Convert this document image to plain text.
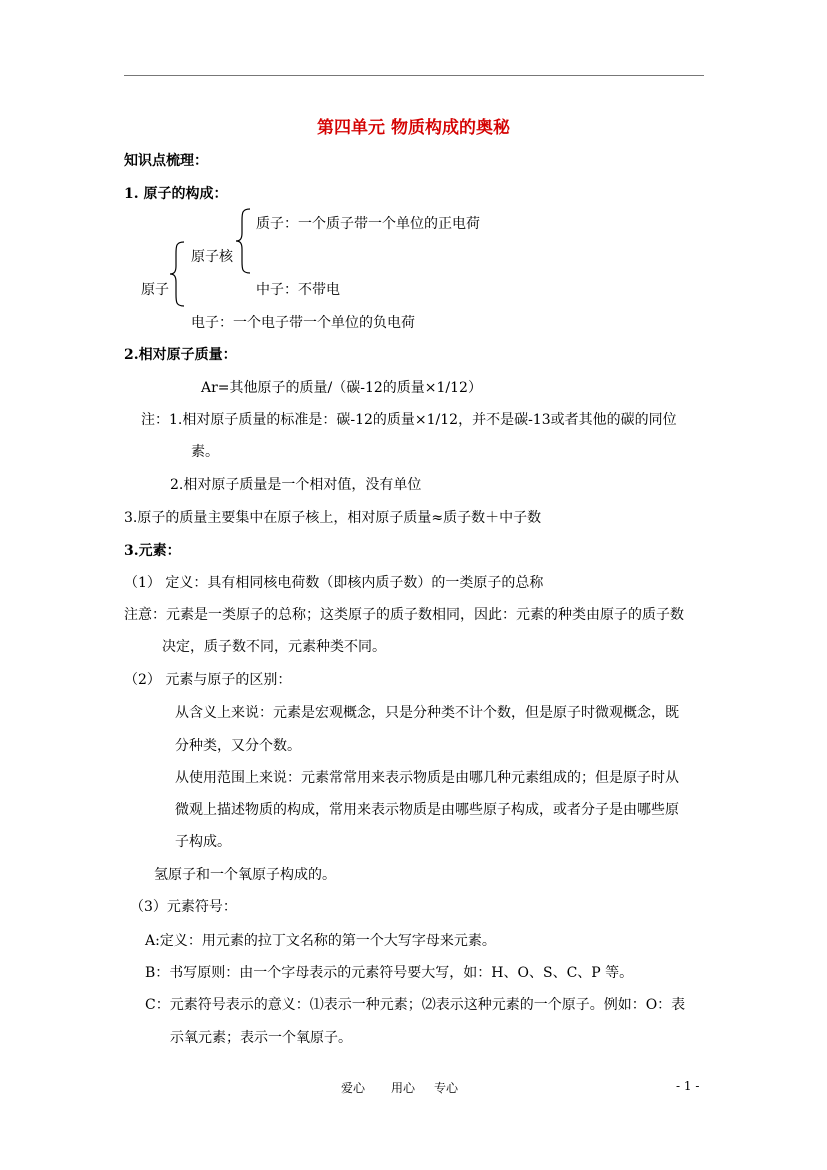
第四单元 物质构成的奥秘
知识点梳理：
1. 原子的构成：
质子：一个质子带一个单位的正电荷
原子核
原子	中子：不带电
电子：一个电子带一个单位的负电荷
2.相对原子质量：
Ar=其他原子的质量/（碳-12的质量×1/12）
注：1.相对原子质量的标准是：碳-12的质量×1/12，并不是碳-13或者其他的碳的同位
素。
2.相对原子质量是一个相对值，没有单位
3.原子的质量主要集中在原子核上，相对原子质量≈质子数＋中子数
3.元素：
（1） 定义：具有相同核电荷数（即核内质子数）的一类原子的总称
注意：元素是一类原子的总称；这类原子的质子数相同，因此：元素的种类由原子的质子数
决定，质子数不同，元素种类不同。
（2） 元素与原子的区别：
从含义上来说：元素是宏观概念，只是分种类不计个数，但是原子时微观概念，既
分种类，又分个数。
从使用范围上来说：元素常常用来表示物质是由哪几种元素组成的；但是原子时从
微观上描述物质的构成，常用来表示物质是由哪些原子构成，或者分子是由哪些原
子构成。
氢原子和一个氧原子构成的。
（3）元素符号：
A:定义：用元素的拉丁文名称的第一个大写字母来元素。
B：书写原则：由一个字母表示的元素符号要大写，如：H、O、S、C、P 等。
C：元素符号表示的意义：⑴表示一种元素；⑵表示这种元素的一个原子。例如：O：表
示氧元素；表示一个氧原子。
爱心 用心 专心	- 1 -
